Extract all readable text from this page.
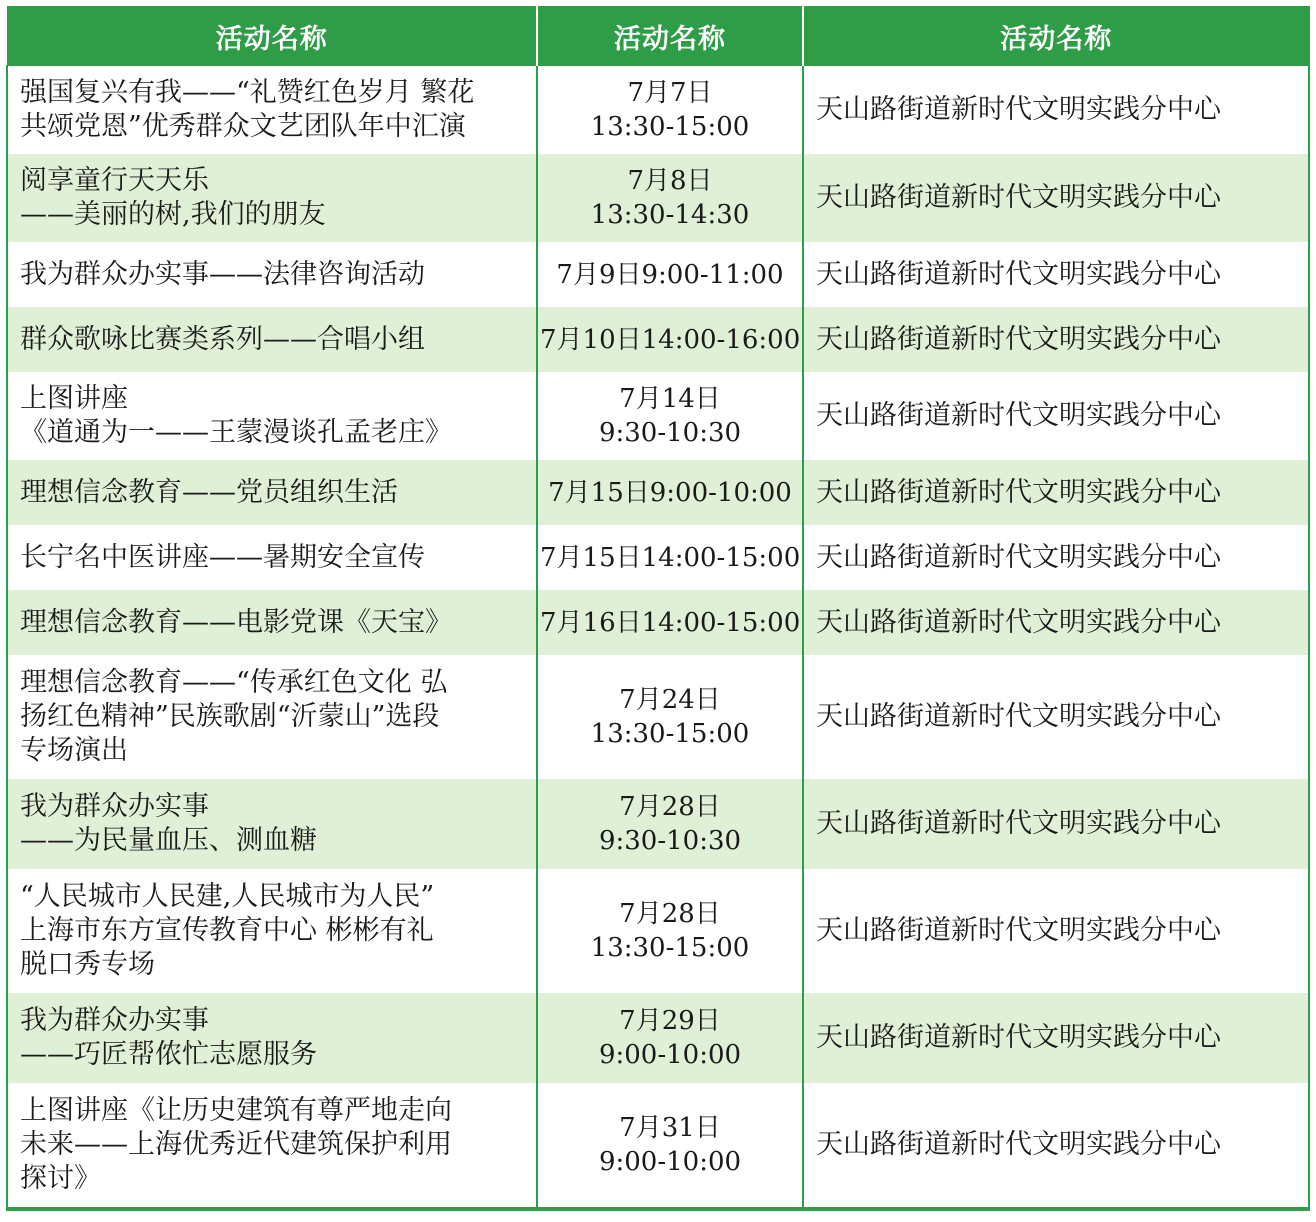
活动名称	活动名称	活动名称

强国复兴有我——“礼赞红色岁月 繁花
共颂党恩”优秀群众文艺团队年中汇演	7月7日
13:30-15:00	天山路街道新时代文明实践分中心

阅享童行天天乐
——美丽的树,我们的朋友	7月8日
13:30-14:30	天山路街道新时代文明实践分中心

我为群众办实事——法律咨询活动	7月9日9:00-11:00	天山路街道新时代文明实践分中心

群众歌咏比赛类系列——合唱小组	7月10日14:00-16:00	天山路街道新时代文明实践分中心

上图讲座
《道通为一——王蒙漫谈孔孟老庄》	7月14日
9:30-10:30	天山路街道新时代文明实践分中心

理想信念教育——党员组织生活	7月15日9:00-10:00	天山路街道新时代文明实践分中心

长宁名中医讲座——暑期安全宣传	7月15日14:00-15:00	天山路街道新时代文明实践分中心

理想信念教育——电影党课《天宝》	7月16日14:00-15:00	天山路街道新时代文明实践分中心

理想信念教育——“传承红色文化 弘
扬红色精神”民族歌剧“沂蒙山”选段
专场演出	7月24日
13:30-15:00	天山路街道新时代文明实践分中心

我为群众办实事
——为民量血压、测血糖	7月28日
9:30-10:30	天山路街道新时代文明实践分中心

“人民城市人民建,人民城市为人民”
上海市东方宣传教育中心 彬彬有礼
脱口秀专场	7月28日
13:30-15:00	天山路街道新时代文明实践分中心

我为群众办实事
——巧匠帮侬忙志愿服务	7月29日
9:00-10:00	天山路街道新时代文明实践分中心

上图讲座《让历史建筑有尊严地走向
未来——上海优秀近代建筑保护利用
探讨》	7月31日
9:00-10:00	天山路街道新时代文明实践分中心
